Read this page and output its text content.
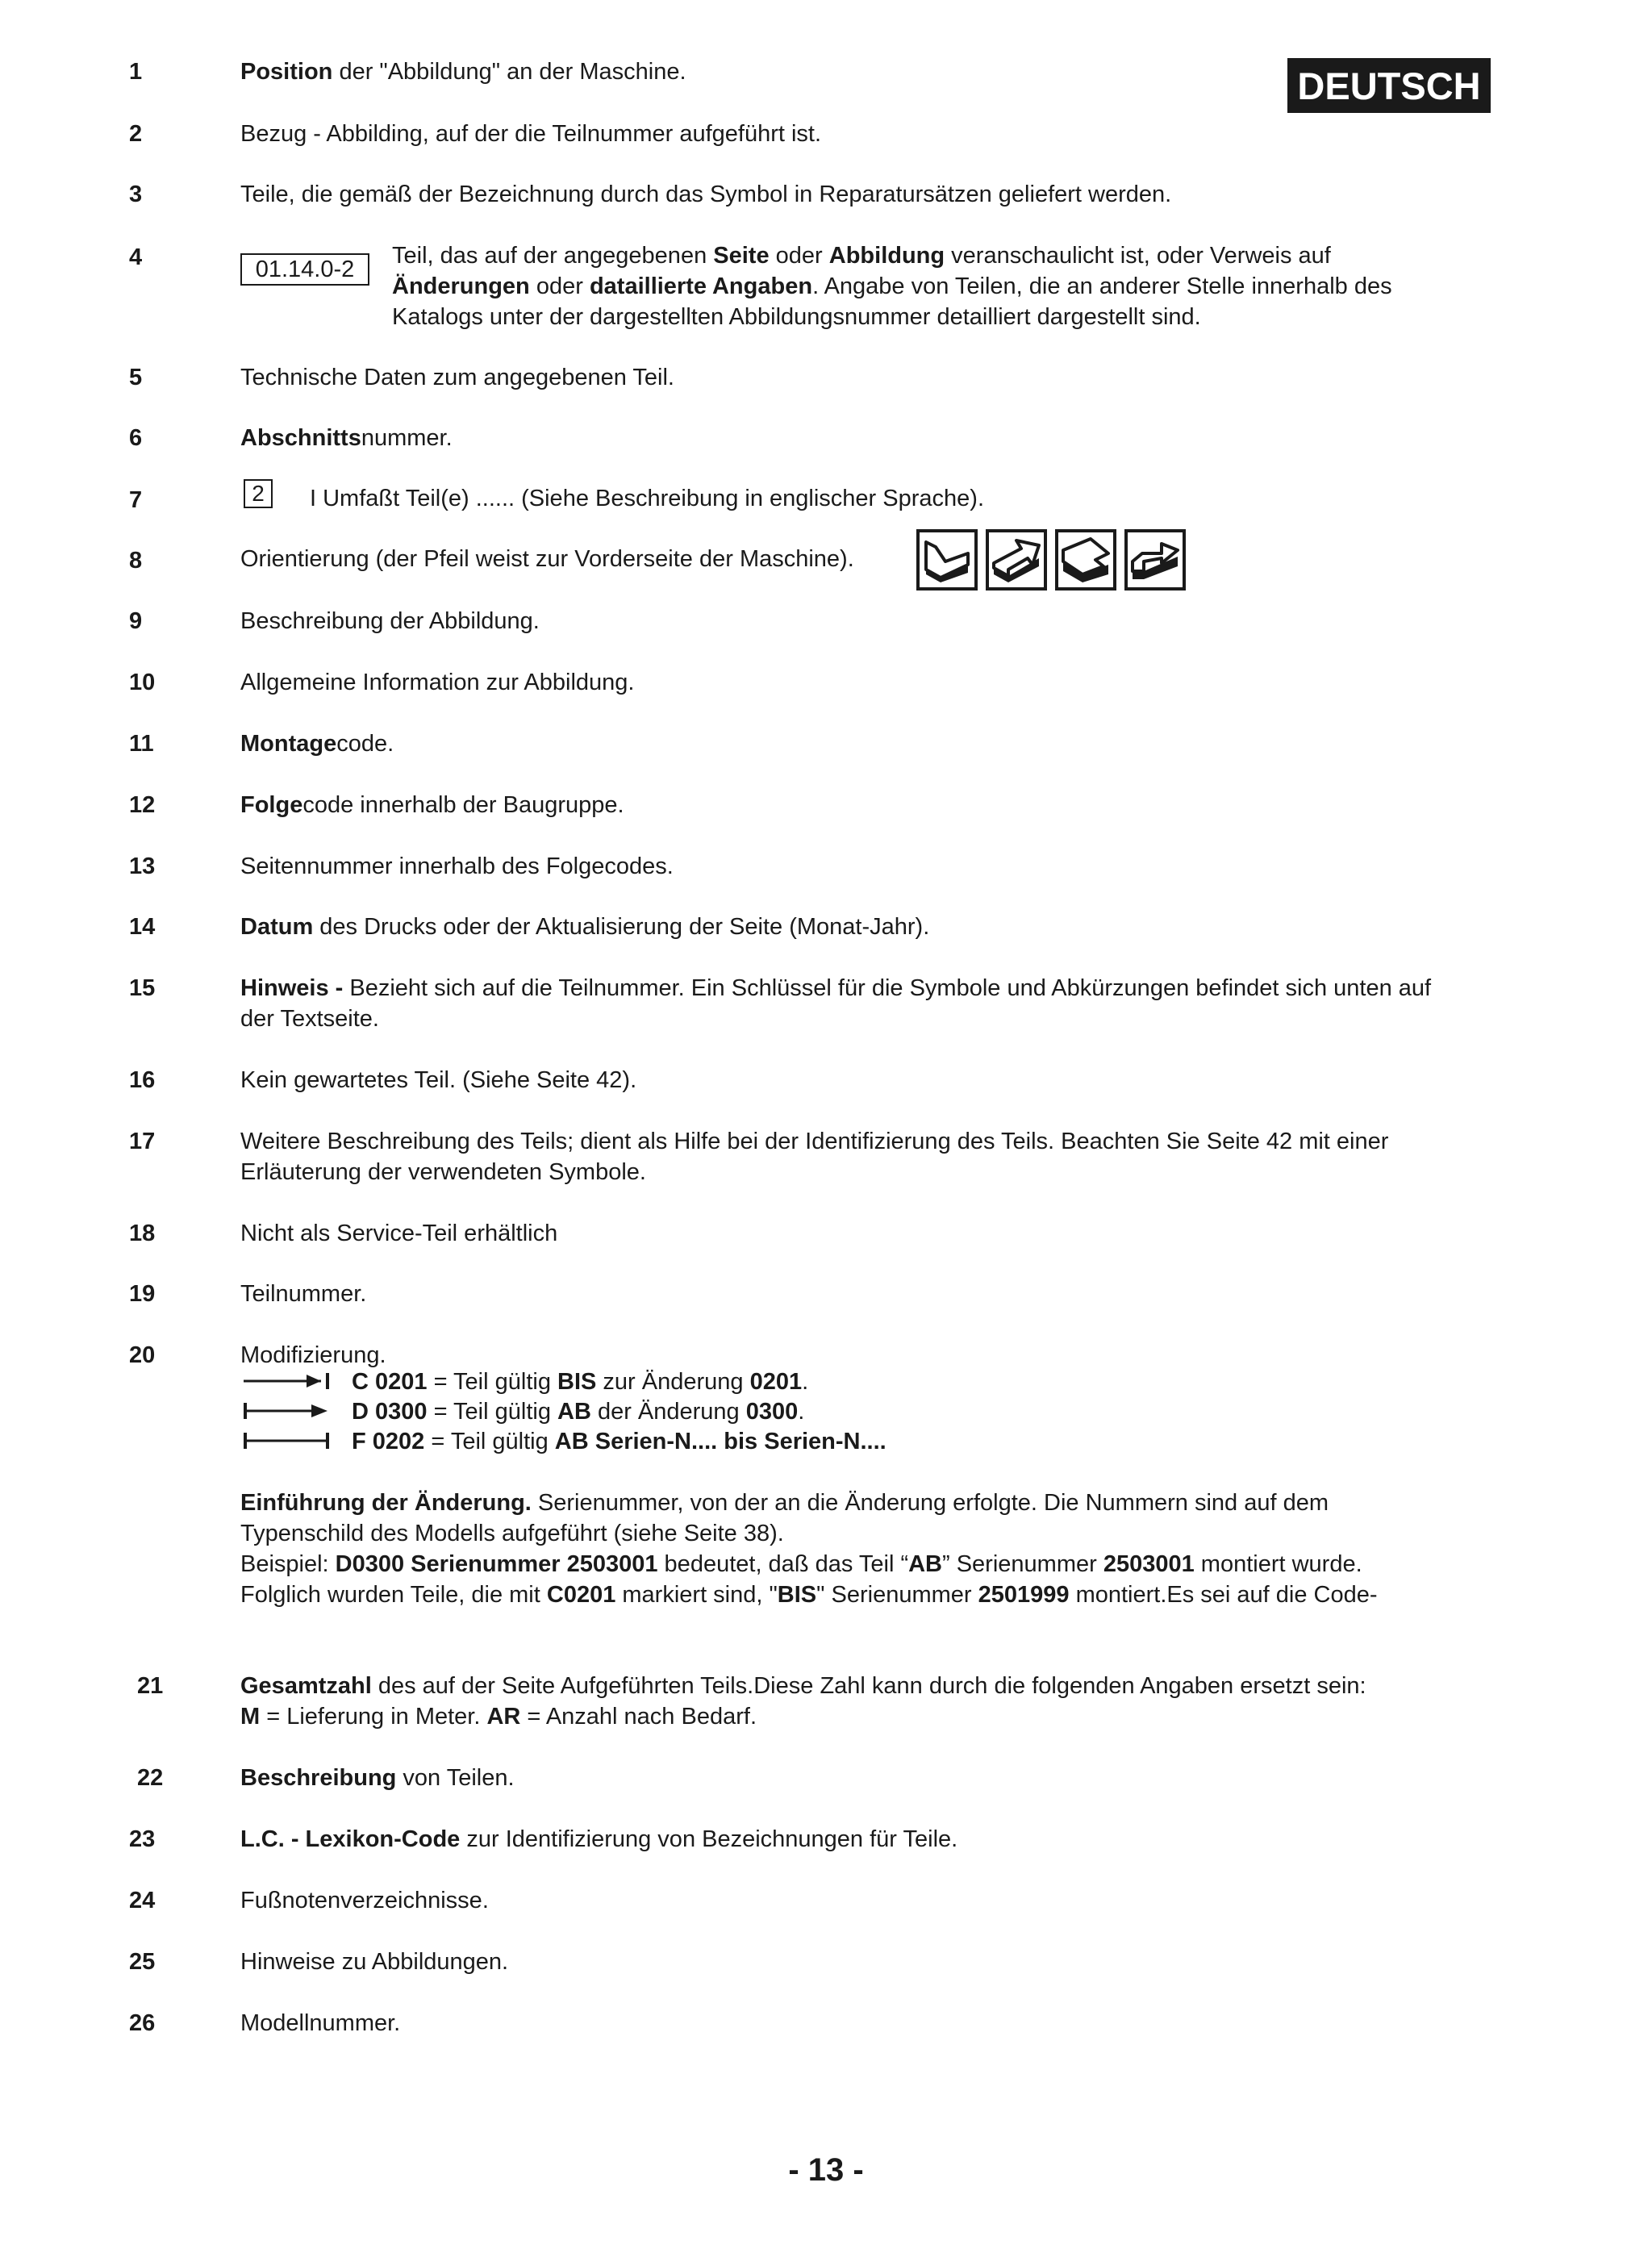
DEUTSCH
1	Position der "Abbildung" an der Maschine.
2	Bezug - Abbilding, auf der die Teilnummer aufgeführt ist.
3	Teile, die gemäß der Bezeichnung durch das Symbol in Reparatursätzen geliefert werden.
4	01.14.0-2
Teil, das auf der angegebenen Seite oder Abbildung veranschaulicht ist, oder Verweis auf
Änderungen oder dataillierte Angaben. Angabe von Teilen, die an anderer Stelle innerhalb des
Katalogs unter der dargestellten Abbildungsnummer detailliert dargestellt sind.
5	Technische Daten zum angegebenen Teil.
6	Abschnittsnummer.
7	2	I Umfaßt Teil(e) ...... (Siehe Beschreibung in englischer Sprache).
8	Orientierung (der Pfeil weist zur Vorderseite der Maschine).
9	Beschreibung der Abbildung.
10	Allgemeine Information zur Abbildung.
11	Montagecode.
12	Folgecode innerhalb der Baugruppe.
13	Seitennummer innerhalb des Folgecodes.
14	Datum des Drucks oder der Aktualisierung der Seite (Monat-Jahr).
15	Hinweis - Bezieht sich auf die Teilnummer. Ein Schlüssel für die Symbole und Abkürzungen befindet sich unten auf
der Textseite.
16	Kein gewartetes Teil. (Siehe Seite 42).
17	Weitere Beschreibung des Teils; dient als Hilfe bei der Identifizierung des Teils. Beachten Sie Seite 42 mit einer
Erläuterung der verwendeten Symbole.
18	Nicht als Service-Teil erhältlich
19	Teilnummer.
20	Modifizierung.
C 0201 = Teil gültig BIS zur Änderung 0201.
D 0300 = Teil gültig AB der Änderung 0300.
F 0202 = Teil gültig AB Serien-N.... bis Serien-N....
Einführung der Änderung. Serienummer, von der an die Änderung erfolgte. Die Nummern sind auf dem
Typenschild des Modells aufgeführt (siehe Seite 38).
Beispiel: D0300 Serienummer 2503001 bedeutet, daß das Teil “AB” Serienummer 2503001 montiert wurde.
Folglich wurden Teile, die mit C0201 markiert sind, "BIS" Serienummer 2501999 montiert.Es sei auf die Code-
21	Gesamtzahl des auf der Seite Aufgeführten Teils.Diese Zahl kann durch die folgenden Angaben ersetzt sein:
M = Lieferung in Meter. AR = Anzahl nach Bedarf.
22	Beschreibung von Teilen.
23	L.C. - Lexikon-Code zur Identifizierung von Bezeichnungen für Teile.
24	Fußnotenverzeichnisse.
25	Hinweise zu Abbildungen.
26	Modellnummer.
- 13 -
